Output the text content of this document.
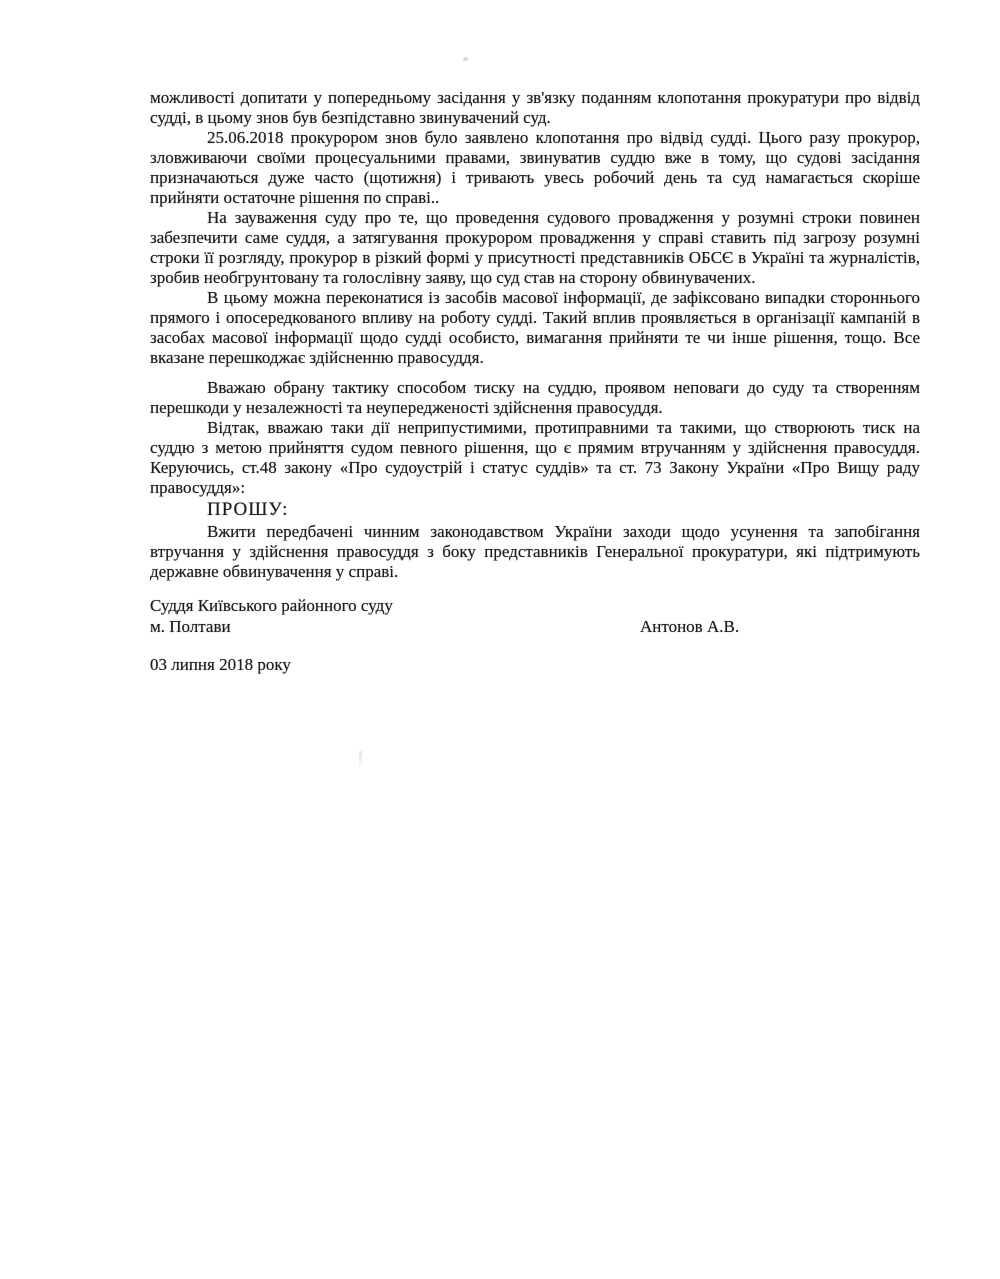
можливості допитати у попередньому засідання у зв'язку поданням клопотання прокуратури про відвід судді, в цьому знов був безпідставно звинувачений суд.

25.06.2018 прокурором знов було заявлено клопотання про відвід судді. Цього разу прокурор, зловживаючи своїми процесуальними правами, звинуватив суддю вже в тому, що судові засідання призначаються дуже часто (щотижня) і тривають увесь робочий день та суд намагається скоріше прийняти остаточне рішення по справі..

На зауваження суду про те, що проведення судового провадження у розумні строки повинен забезпечити саме суддя, а затягування прокурором провадження у справі ставить під загрозу розумні строки її розгляду, прокурор в різкий формі у присутності представників ОБСЄ в Україні та журналістів, зробив необгрунтовану та голослівну заяву, що суд став на сторону обвинувачених.

В цьому можна переконатися із засобів масової інформації, де зафіксовано випадки стороннього прямого і опосередкованого впливу на роботу судді. Такий вплив проявляється в організації кампаній в засобах масової інформації щодо судді особисто, вимагання прийняти те чи інше рішення, тощо. Все вказане перешкоджає здійсненню правосуддя.

Вважаю обрану тактику способом тиску на суддю, проявом неповаги до суду та створенням перешкоди у незалежності та неупередженості здійснення правосуддя.

Відтак, вважаю таки дії неприпустимими, протиправними та такими, що створюють тиск на суддю з метою прийняття судом певного рішення, що є прямим втручанням у здійснення правосуддя. Керуючись, ст.48 закону «Про судоустрій і статус суддів» та ст. 73 Закону України «Про Вищу раду правосуддя»:

ПРОШУ:

Вжити передбачені чинним законодавством України заходи щодо усунення та запобігання втручання у здійснення правосуддя з боку представників Генеральної прокуратури, які підтримують державне обвинувачення у справі.

Суддя Київського районного суду

м. Полтави	Антонов А.В.

03 липня 2018 року
